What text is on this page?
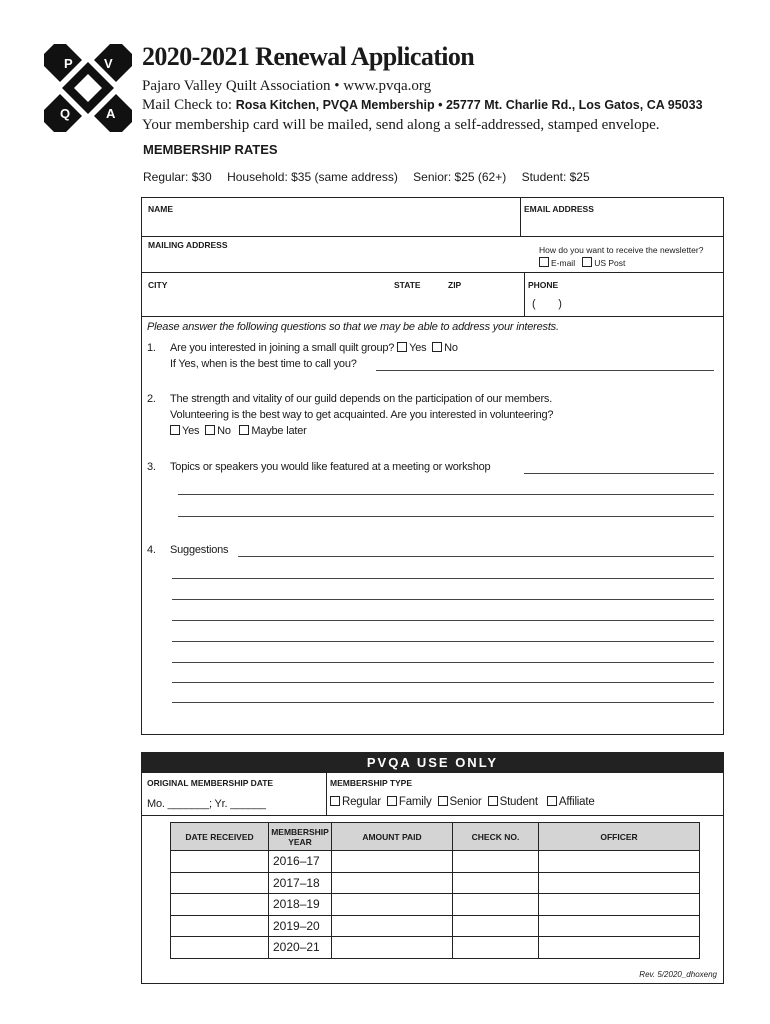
P V
Q	A
2020-2021 Renewal Application
Pajaro Valley Quilt Association • www.pvqa.org
Mail Check to: Rosa Kitchen, PVQA Membership • 25777 Mt. Charlie Rd., Los Gatos, CA 95033
Your membership card will be mailed, send along a self-addressed, stamped envelope.
MEMBERSHIP RATES
Regular: $30 Household: $35 (same address) Senior: $25 (62+) Student: $25
NAME	EMAIL ADDRESS
MAILING ADDRESS	How do you want to receive the newsletter?
E-mail US Post
CITY	STATE	ZIP	PHONE
(        )
Please answer the following questions so that we may be able to address your interests.
1. Are you interested in joining a small quilt group? Yes No
If Yes, when is the best time to call you?
2. The strength and vitality of our guild depends on the participation of our members.
Volunteering is the best way to get acquainted. Are you interested in volunteering?
Yes No Maybe later
3. Topics or speakers you would like featured at a meeting or workshop
4. Suggestions
PVQA USE ONLY
ORIGINAL MEMBERSHIP DATE
Mo. _______; Yr. ______
MEMBERSHIP TYPE
Regular Family Senior Student Affiliate
DATE RECEIVED	MEMBERSHIP YEAR	AMOUNT PAID	CHECK NO.	OFFICER
	2016–17			
	2017–18			
	2018–19			
	2019–20			
	2020–21			
Rev. 5/2020_dhoxeng
